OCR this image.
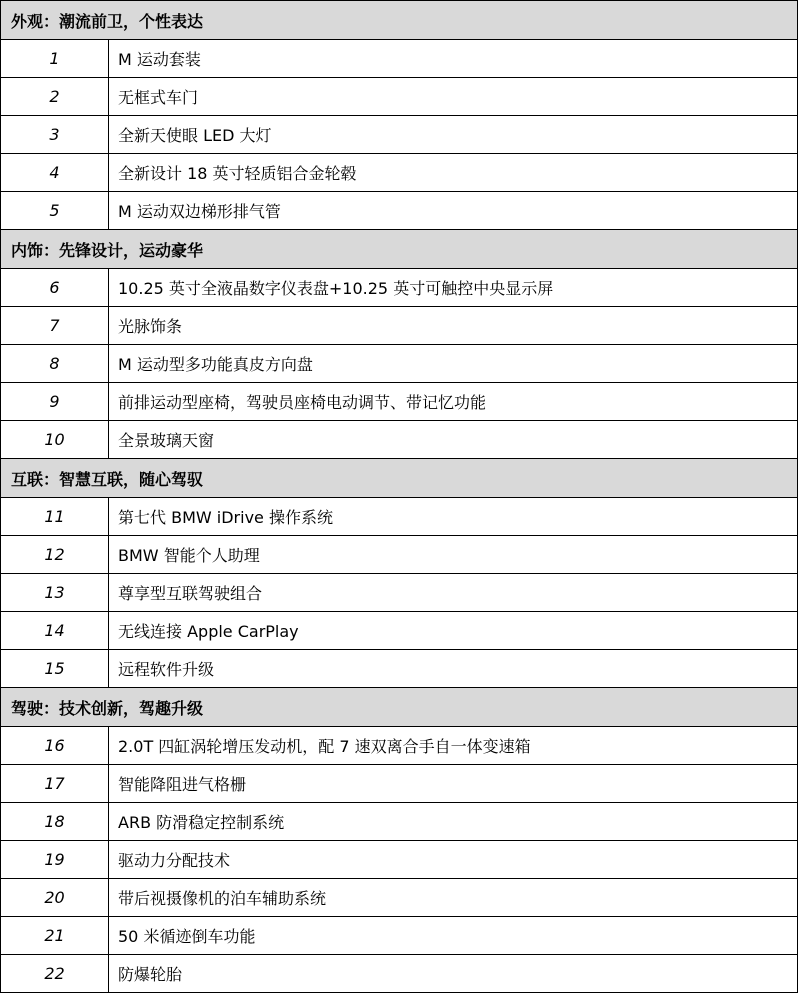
外观：潮流前卫，个性表达	
1	M 运动套装
2	无框式车门
3	全新天使眼 LED 大灯
4	全新设计 18 英寸轻质铝合金轮毂
5	M 运动双边梯形排气管
内饰：先锋设计，运动豪华	
6	10.25 英寸全液晶数字仪表盘+10.25 英寸可触控中央显示屏
7	光脉饰条
8	M 运动型多功能真皮方向盘
9	前排运动型座椅，驾驶员座椅电动调节、带记忆功能
10	全景玻璃天窗
互联：智慧互联，随心驾驭	
11	第七代 BMW iDrive 操作系统
12	BMW 智能个人助理
13	尊享型互联驾驶组合
14	无线连接 Apple CarPlay
15	远程软件升级
驾驶：技术创新，驾趣升级	
16	2.0T 四缸涡轮增压发动机，配 7 速双离合手自一体变速箱
17	智能降阻进气格栅
18	ARB 防滑稳定控制系统
19	驱动力分配技术
20	带后视摄像机的泊车辅助系统
21	50 米循迹倒车功能
22	防爆轮胎
